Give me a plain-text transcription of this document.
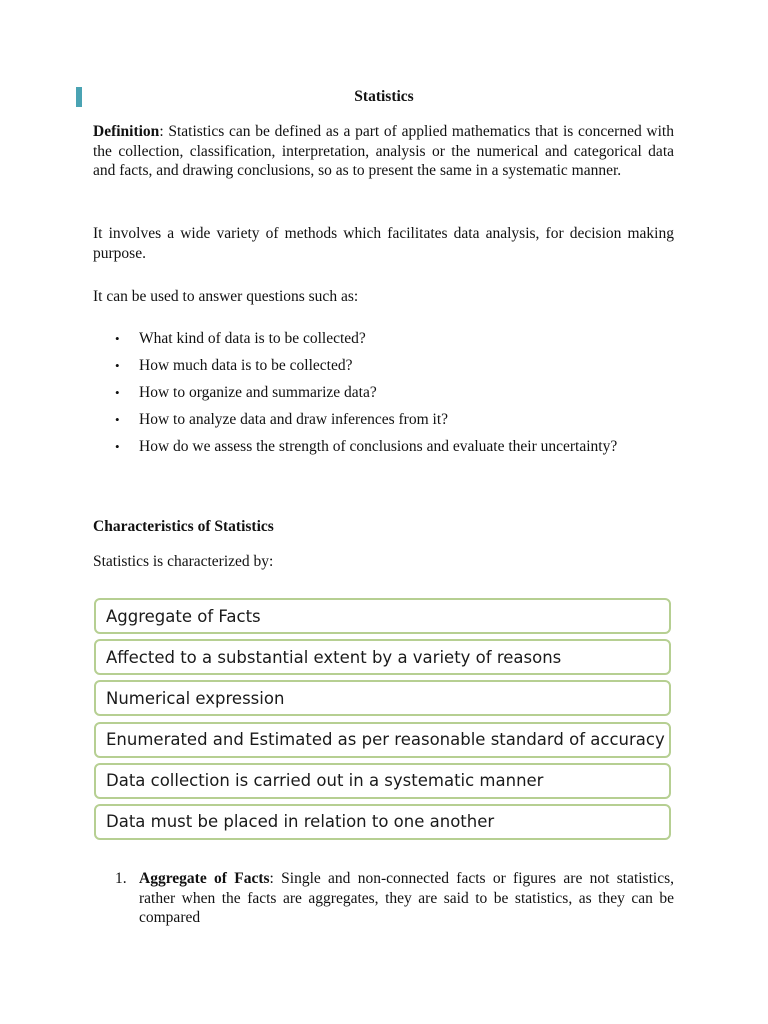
Statistics

Definition: Statistics can be defined as a part of applied mathematics that is concerned with the collection, classification, interpretation, analysis or the numerical and categorical data and facts, and drawing conclusions, so as to present the same in a systematic manner.

It involves a wide variety of methods which facilitates data analysis, for decision making purpose.

It can be used to answer questions such as:

• What kind of data is to be collected?
• How much data is to be collected?
• How to organize and summarize data?
• How to analyze data and draw inferences from it?
• How do we assess the strength of conclusions and evaluate their uncertainty?
Characteristics of Statistics

Statistics is characterized by:

Aggregate of Facts
Affected to a substantial extent by a variety of reasons
Numerical expression
Enumerated and Estimated as per reasonable standard of accuracy
Data collection is carried out in a systematic manner
Data must be placed in relation to one another
1. Aggregate of Facts: Single and non-connected facts or figures are not statistics, rather when the facts are aggregates, they are said to be statistics, as they can be compared
